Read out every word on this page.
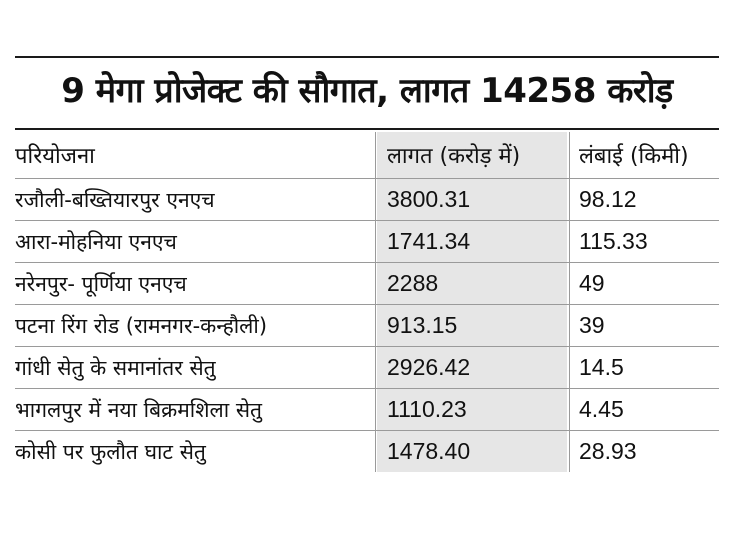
9 मेगा प्रोजेक्ट की सौगात, लागत 14258 करोड़
परियोजना	लागत (करोड़ में)	लंबाई (किमी)
रजौली-बख्तियारपुर एनएच	3800.31	98.12
आरा-मोहनिया एनएच	1741.34	115.33
नरेनपुर- पूर्णिया एनएच	2288	49
पटना रिंग रोड (रामनगर-कन्हौली)	913.15	39
गांधी सेतु के समानांतर सेतु	2926.42	14.5
भागलपुर में नया बिक्रमशिला सेतु	1110.23	4.45
कोसी पर फुलौत घाट सेतु	1478.40	28.93
